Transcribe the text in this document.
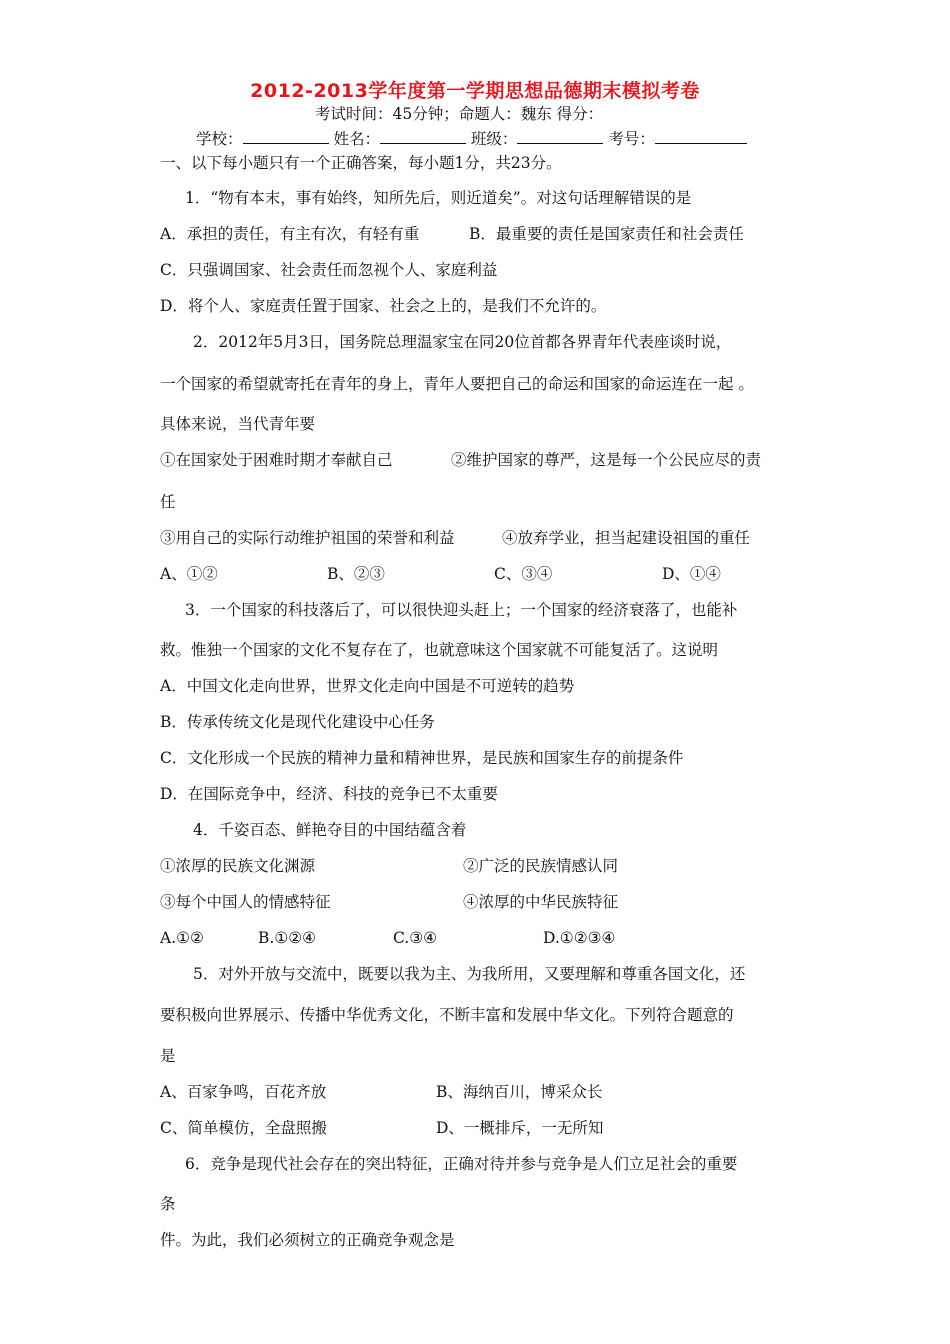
2012-2013学年度第一学期思想品德期末模拟考卷
考试时间：45分钟；命题人：魏东 得分：
学校：	姓名：	班级：	考号：
一、以下每小题只有一个正确答案，每小题1分，共23分。
1．“物有本末，事有始终，知所先后，则近道矣”。对这句话理解错误的是
A．承担的责任，有主有次，有轻有重	B．最重要的责任是国家责任和社会责任
C．只强调国家、社会责任而忽视个人、家庭利益
D．将个人、家庭责任置于国家、社会之上的，是我们不允许的。
2．2012年5月3日，国务院总理温家宝在同20位首都各界青年代表座谈时说，
一个国家的希望就寄托在青年的身上，青年人要把自己的命运和国家的命运连在一起 。
具体来说，当代青年要
①在国家处于困难时期才奉献自己	②维护国家的尊严，这是每一个公民应尽的责
任
③用自己的实际行动维护祖国的荣誉和利益	④放弃学业，担当起建设祖国的重任
A、①②	B、②③	C、③④	D、①④
3．一个国家的科技落后了，可以很快迎头赶上；一个国家的经济衰落了，也能补
救。惟独一个国家的文化不复存在了，也就意味这个国家就不可能复活了。这说明
A．中国文化走向世界，世界文化走向中国是不可逆转的趋势
B．传承传统文化是现代化建设中心任务
C．文化形成一个民族的精神力量和精神世界，是民族和国家生存的前提条件
D．在国际竞争中，经济、科技的竞争已不太重要
4．千姿百态、鲜艳夺目的中国结蕴含着
①浓厚的民族文化渊源	②广泛的民族情感认同
③每个中国人的情感特征	④浓厚的中华民族特征
A.①②	B.①②④	C.③④	D.①②③④
5．对外开放与交流中，既要以我为主、为我所用，又要理解和尊重各国文化，还
要积极向世界展示、传播中华优秀文化，不断丰富和发展中华文化。下列符合题意的
是
A、百家争鸣，百花齐放	B、海纳百川，博采众长
C、简单模仿，全盘照搬	D、一概排斥，一无所知
6．竞争是现代社会存在的突出特征，正确对待并参与竞争是人们立足社会的重要
条
件。为此，我们必须树立的正确竞争观念是
